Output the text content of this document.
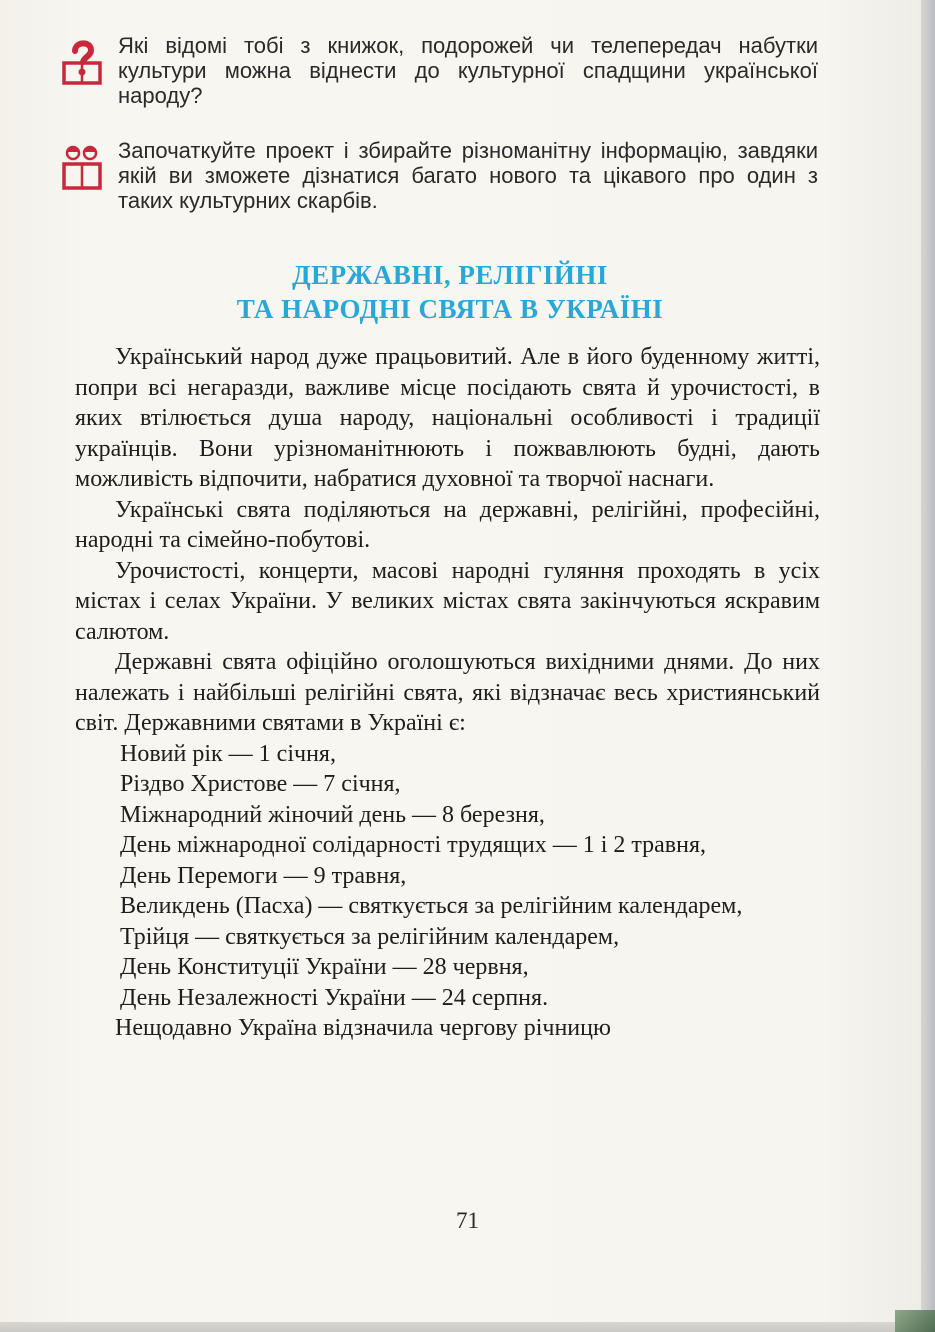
Які відомі тобі з книжок, подорожей чи телепередач набутки культури можна віднести до культурної спадщини української народу?
Започаткуйте проект і збирайте різноманітну інформацію, завдяки якій ви зможете дізнатися багато нового та цікавого про один з таких культурних скарбів.
ДЕРЖАВНІ, РЕЛІГІЙНІ
ТА НАРОДНІ СВЯТА В УКРАЇНІ

Український народ дуже працьовитий. Але в його буденному житті, попри всі негаразди, важливе місце посідають свята й урочистості, в яких втілюється душа народу, національні особливості і традиції українців. Вони урізноманітнюють і пожвавлюють будні, дають можливість відпочити, набратися духовної та творчої наснаги.

Українські свята поділяються на державні, релігійні, професійні, народні та сімейно-побутові.

Урочистості, концерти, масові народні гуляння проходять в усіх містах і селах України. У великих містах свята закінчуються яскравим салютом.

Державні свята офіційно оголошуються вихідними днями. До них належать і найбільші релігійні свята, які відзначає весь християнський світ. Державними святами в Україні є:

Новий рік — 1 січня,

Різдво Христове — 7 січня,

Міжнародний жіночий день — 8 березня,

День міжнародної солідарності трудящих — 1 і 2 травня,

День Перемоги — 9 травня,

Великдень (Пасха) — святкується за релігійним календарем,

Трійця — святкується за релігійним календарем,

День Конституції України — 28 червня,

День Незалежності України — 24 серпня.

Нещодавно Україна відзначила чергову річницю

71
